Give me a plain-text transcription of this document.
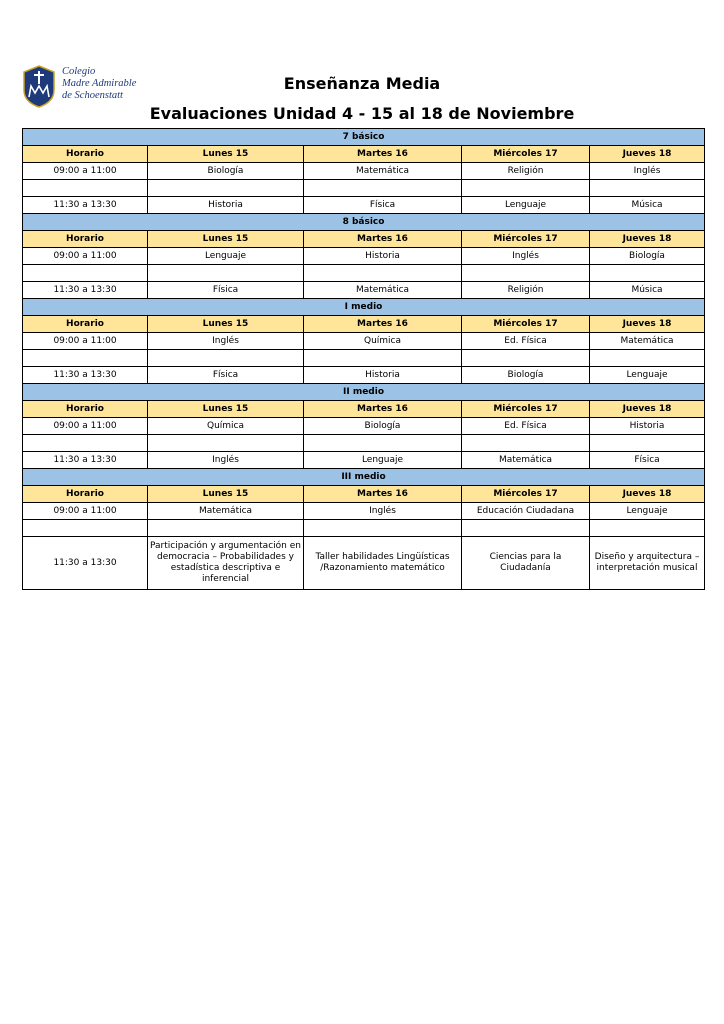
Colegio
Madre Admirable
de Schoenstatt
Enseñanza Media
Evaluaciones Unidad 4 - 15 al 18 de Noviembre
7 básico				
Horario	Lunes 15	Martes 16	Miércoles 17	Jueves 18
09:00 a 11:00	Biología	Matemática	Religión	Inglés

11:30 a 13:30	Historia	Física	Lenguaje	Música
8 básico				
Horario	Lunes 15	Martes 16	Miércoles 17	Jueves 18
09:00 a 11:00	Lenguaje	Historia	Inglés	Biología

11:30 a 13:30	Física	Matemática	Religión	Música
I medio				
Horario	Lunes 15	Martes 16	Miércoles 17	Jueves 18
09:00 a 11:00	Inglés	Química	Ed. Física	Matemática

11:30 a 13:30	Física	Historia	Biología	Lenguaje
II medio				
Horario	Lunes 15	Martes 16	Miércoles 17	Jueves 18
09:00 a 11:00	Química	Biología	Ed. Física	Historia

11:30 a 13:30	Inglés	Lenguaje	Matemática	Física
III medio				
Horario	Lunes 15	Martes 16	Miércoles 17	Jueves 18
09:00 a 11:00	Matemática	Inglés	Educación Ciudadana	Lenguaje

11:30 a 13:30	Participación y argumentación en democracia – Probabilidades y estadística descriptiva e inferencial	Taller habilidades Lingüísticas /Razonamiento matemático	Ciencias para la Ciudadanía	Diseño y arquitectura – interpretación musical
